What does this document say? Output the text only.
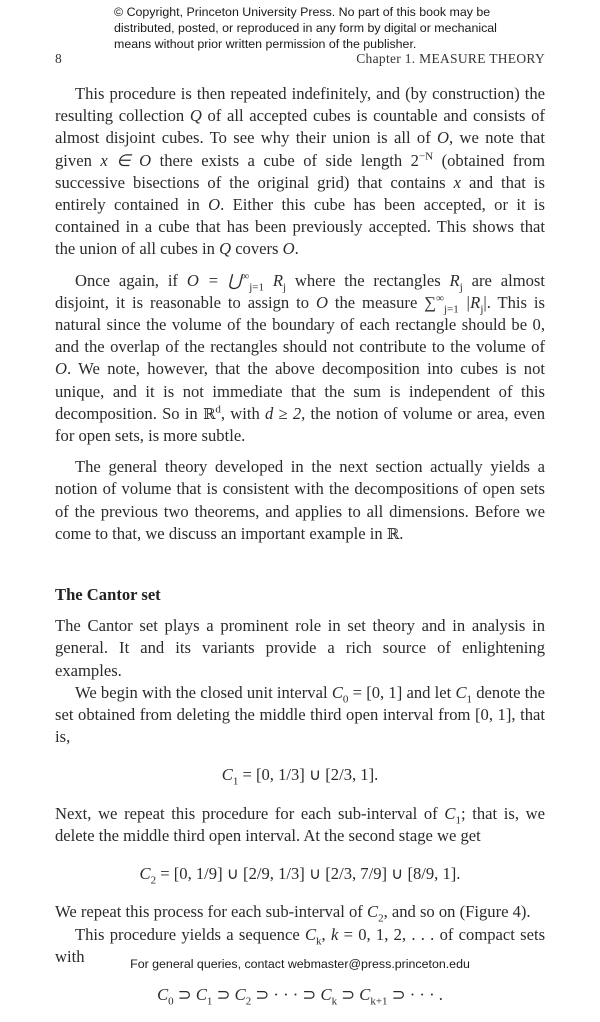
© Copyright, Princeton University Press. No part of this book may be
distributed, posted, or reproduced in any form by digital or mechanical
means without prior written permission of the publisher.
8	Chapter 1. MEASURE THEORY

This procedure is then repeated indefinitely, and (by construction) the resulting collection Q of all accepted cubes is countable and consists of almost disjoint cubes. To see why their union is all of O, we note that given x ∈ O there exists a cube of side length $2^{-N}$ (obtained from successive bisections of the original grid) that contains x and that is entirely contained in O. Either this cube has been accepted, or it is contained in a cube that has been previously accepted. This shows that the union of all cubes in Q covers O.

Once again, if $O = ⋃^\infty_{j=1}$ $R_j$ where the rectangles $R_j$ are almost disjoint, it is reasonable to assign to O the measure $\sum^\infty_{j=1}$ $|R_j|$. This is natural since the volume of the boundary of each rectangle should be 0, and the overlap of the rectangles should not contribute to the volume of O. We note, however, that the above decomposition into cubes is not unique, and it is not immediate that the sum is independent of this decomposition. So in ℝ$^d$, with d ≥ 2, the notion of volume or area, even for open sets, is more subtle.

The general theory developed in the next section actually yields a notion of volume that is consistent with the decompositions of open sets of the previous two theorems, and applies to all dimensions. Before we come to that, we discuss an important example in ℝ.

The Cantor set

The Cantor set plays a prominent role in set theory and in analysis in general. It and its variants provide a rich source of enlightening examples.

We begin with the closed unit interval $C_0 = [0$, 1] and let $C_1$ denote the set obtained from deleting the middle third open interval from [0, 1], that is,

$C_1 = [0$, 1/3] ∪ [2/3, 1].

Next, we repeat this procedure for each sub-interval of $C_1$; that is, we delete the middle third open interval. At the second stage we get

$C_2 = [0$, 1/9] ∪ [2/9, 1/3] ∪ [2/3, 7/9] ∪ [8/9, 1].

We repeat this process for each sub-interval of $C_2$, and so on (Figure 4).

This procedure yields a sequence $C_k$, k = 0, 1, 2, . . . of compact sets with

$C_0$ ⊃ $C_1$ ⊃ $C_2$ ⊃ · · · ⊃ $C_k$ ⊃ $C_{k+1}$ ⊃ · · · .
For general queries, contact webmaster@press.princeton.edu
